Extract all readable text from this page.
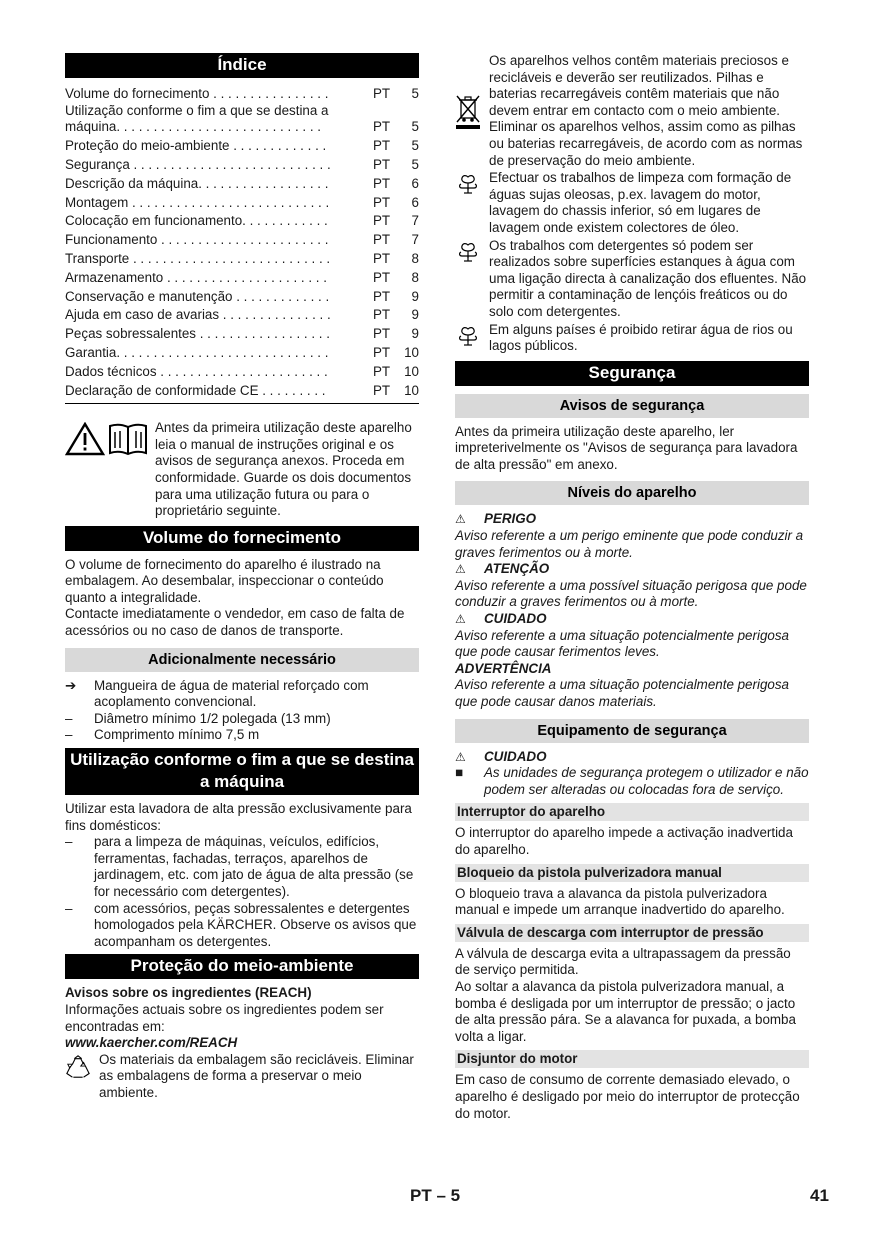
Índice
Volume do fornecimento . . . . . . . . . . . . . . . .	PT	5
Utilização conforme o fim a que se destina a máquina. . . . . . . . . . . . . . . . . . . . . . . . . . . .	PT	5
Proteção do meio-ambiente . . . . . . . . . . . . .	PT	5
Segurança . . . . . . . . . . . . . . . . . . . . . . . . . . .	PT	5
Descrição da máquina. . . . . . . . . . . . . . . . . .	PT	6
Montagem . . . . . . . . . . . . . . . . . . . . . . . . . . .	PT	6
Colocação em funcionamento. . . . . . . . . . . .	PT	7
Funcionamento . . . . . . . . . . . . . . . . . . . . . . .	PT	7
Transporte . . . . . . . . . . . . . . . . . . . . . . . . . . .	PT	8
Armazenamento . . . . . . . . . . . . . . . . . . . . . .	PT	8
Conservação e manutenção . . . . . . . . . . . . .	PT	9
Ajuda em caso de avarias . . . . . . . . . . . . . . .	PT	9
Peças sobressalentes . . . . . . . . . . . . . . . . . .	PT	9
Garantia. . . . . . . . . . . . . . . . . . . . . . . . . . . . .	PT	10
Dados técnicos . . . . . . . . . . . . . . . . . . . . . . .	PT	10
Declaração de conformidade CE . . . . . . . . .	PT	10

Antes da primeira utilização deste aparelho leia o manual de instruções original e os avisos de segurança anexos. Proceda em conformidade. Guarde os dois documentos para uma utilização futura ou para o proprietário seguinte.

Volume do fornecimento

O volume de fornecimento do aparelho é ilustrado na embalagem. Ao desembalar, inspeccionar o conteúdo quanto a integralidade.

Contacte imediatamente o vendedor, em caso de falta de acessórios ou no caso de danos de transporte.

Adicionalmente necessário
➔	Mangueira de água de material reforçado com acoplamento convencional.
–	Diâmetro mínimo 1/2 polegada (13 mm)
–	Comprimento mínimo 7,5 m
Utilização conforme o fim a que se destina a máquina

Utilizar esta lavadora de alta pressão exclusivamente para fins domésticos:

–	para a limpeza de máquinas, veículos, edifícios, ferramentas, fachadas, terraços, aparelhos de jardinagem, etc. com jato de água de alta pressão (se for necessário com detergentes).
–	com acessórios, peças sobressalentes e detergentes homologados pela KÄRCHER. Observe os avisos que acompanham os detergentes.
Proteção do meio-ambiente

Avisos sobre os ingredientes (REACH)

Informações actuais sobre os ingredientes podem ser encontradas em:

www.kaercher.com/REACH

Os materiais da embalagem são recicláveis. Eliminar as embalagens de forma a preservar o meio ambiente.

Os aparelhos velhos contêm materiais preciosos e recicláveis e deverão ser reutilizados. Pilhas e baterias recarregáveis contêm materiais que não devem entrar em contacto com o meio ambiente. Eliminar os aparelhos velhos, assim como as pilhas ou baterias recarregáveis, de acordo com as normas de preservação do meio ambiente.

Efectuar os trabalhos de limpeza com formação de águas sujas oleosas, p.ex. lavagem do motor, lavagem do chassis inferior, só em lugares de lavagem onde existem colectores de óleo.

Os trabalhos com detergentes só podem ser realizados sobre superfícies estanques à água com uma ligação directa à canalização dos efluentes. Não permitir a contaminação de lençóis freáticos ou do solo com detergentes.

Em alguns países é proibido retirar água de rios ou lagos públicos.

Segurança
Avisos de segurança

Antes da primeira utilização deste aparelho, ler impreterivelmente os "Avisos de segurança para lavadora de alta pressão" em anexo.

Níveis do aparelho
⚠	PERIGO

Aviso referente a um perigo eminente que pode conduzir a graves ferimentos ou à morte.

⚠	ATENÇÃO

Aviso referente a uma possível situação perigosa que pode conduzir a graves ferimentos ou à morte.

⚠	CUIDADO

Aviso referente a uma situação potencialmente perigosa que pode causar ferimentos leves.

ADVERTÊNCIA

Aviso referente a uma situação potencialmente perigosa que pode causar danos materiais.

Equipamento de segurança
⚠	CUIDADO
■	As unidades de segurança protegem o utilizador e não podem ser alteradas ou colocadas fora de serviço.
Interruptor do aparelho

O interruptor do aparelho impede a activação inadvertida do aparelho.

Bloqueio da pistola pulverizadora manual

O bloqueio trava a alavanca da pistola pulverizadora manual e impede um arranque inadvertido do aparelho.

Válvula de descarga com interruptor de pressão

A válvula de descarga evita a ultrapassagem da pressão de serviço permitida.

Ao soltar a alavanca da pistola pulverizadora manual, a bomba é desligada por um interruptor de pressão; o jacto de alta pressão pára. Se a alavanca for puxada, a bomba volta a ligar.

Disjuntor do motor

Em caso de consumo de corrente demasiado elevado, o aparelho é desligado por meio do interruptor de protecção do motor.

PT – 5	41
